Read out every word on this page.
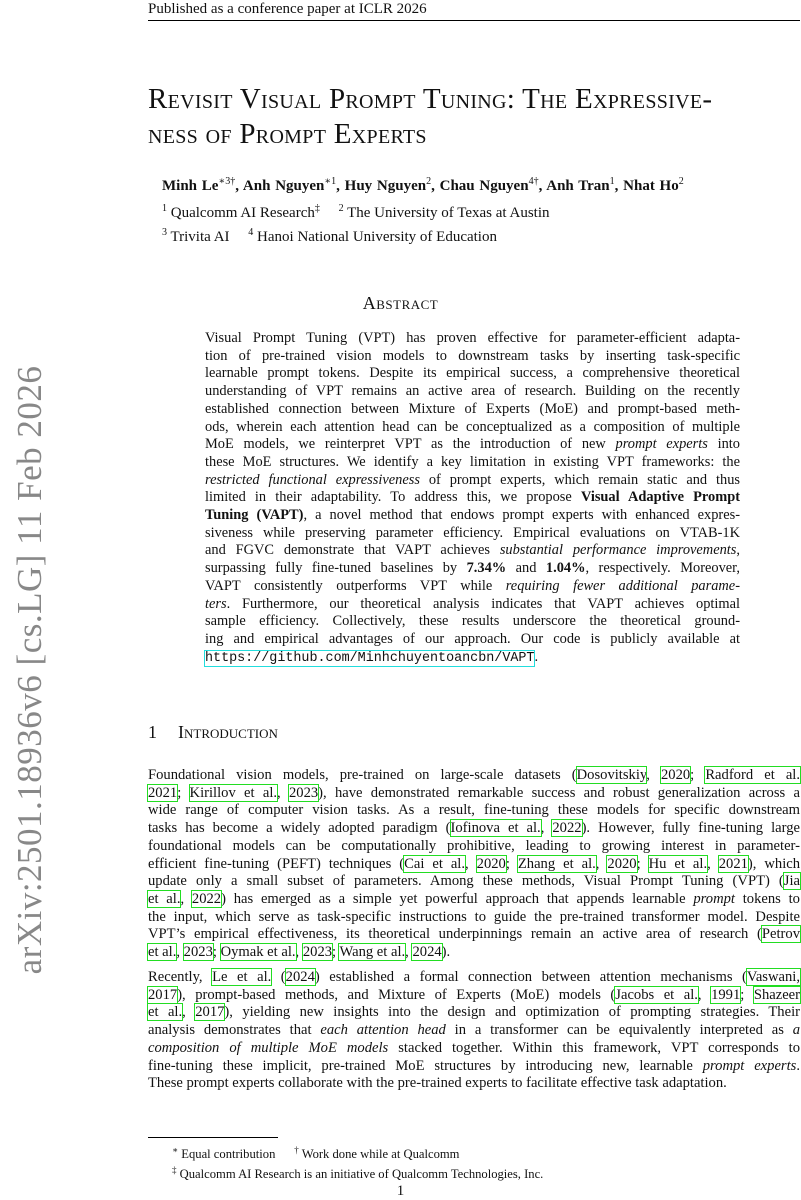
Published as a conference paper at ICLR 2026
arXiv:2501.18936v6 [cs.LG] 11 Feb 2026
Revisit Visual Prompt Tuning: The Expressive-
ness of Prompt Experts
Minh $Le^{∗3\dagger}$, Anh Nguyen$^{∗1}$, Huy Nguyen$^2$, Chau Nguyen$^{4\dagger}$, Anh Tran$^1$, Nhat Ho$^2$
$^1$ Qualcomm AI Research‡ $^2$ The University of Texas at Austin
$^3$ Trivita AI $^4$ Hanoi National University of Education
Abstract
Visual Prompt Tuning (VPT) has proven effective for parameter-efficient adapta-
tion of pre-trained vision models to downstream tasks by inserting task-specific
learnable prompt tokens. Despite its empirical success, a comprehensive theoretical
understanding of VPT remains an active area of research. Building on the recently
established connection between Mixture of Experts (MoE) and prompt-based meth-
ods, wherein each attention head can be conceptualized as a composition of multiple
MoE models, we reinterpret VPT as the introduction of new prompt experts into
these MoE structures. We identify a key limitation in existing VPT frameworks: the
restricted functional expressiveness of prompt experts, which remain static and thus
limited in their adaptability. To address this, we propose Visual Adaptive Prompt
Tuning (VAPT), a novel method that endows prompt experts with enhanced expres-
siveness while preserving parameter efficiency. Empirical evaluations on VTAB-1K
and FGVC demonstrate that VAPT achieves substantial performance improvements,
surpassing fully fine-tuned baselines by 7.34% and 1.04%, respectively. Moreover,
VAPT consistently outperforms VPT while requiring fewer additional parame-
ters. Furthermore, our theoretical analysis indicates that VAPT achieves optimal
sample efficiency. Collectively, these results underscore the theoretical ground-
ing and empirical advantages of our approach. Our code is publicly available at
https://github.com/Minhchuyentoancbn/VAPT.
1 Introduction
Foundational vision models, pre-trained on large-scale datasets (Dosovitskiy, 2020; Radford et al.
2021; Kirillov et al., 2023), have demonstrated remarkable success and robust generalization across a
wide range of computer vision tasks. As a result, fine-tuning these models for specific downstream
tasks has become a widely adopted paradigm (Iofinova et al., 2022). However, fully fine-tuning large
foundational models can be computationally prohibitive, leading to growing interest in parameter-
efficient fine-tuning (PEFT) techniques (Cai et al., 2020; Zhang et al., 2020; Hu et al., 2021), which
update only a small subset of parameters. Among these methods, Visual Prompt Tuning (VPT) (Jia
et al., 2022) has emerged as a simple yet powerful approach that appends learnable prompt tokens to
the input, which serve as task-specific instructions to guide the pre-trained transformer model. Despite
VPT’s empirical effectiveness, its theoretical underpinnings remain an active area of research (Petrov
et al., 2023; Oymak et al., 2023; Wang et al., 2024).
Recently, Le et al. (2024) established a formal connection between attention mechanisms (Vaswani,
2017), prompt-based methods, and Mixture of Experts (MoE) models (Jacobs et al., 1991; Shazeer
et al., 2017), yielding new insights into the design and optimization of prompting strategies. Their
analysis demonstrates that each attention head in a transformer can be equivalently interpreted as a
composition of multiple MoE models stacked together. Within this framework, VPT corresponds to
fine-tuning these implicit, pre-trained MoE structures by introducing new, learnable prompt experts.
These prompt experts collaborate with the pre-trained experts to facilitate effective task adaptation.
∗ Equal contribution † Work done while at Qualcomm
‡ Qualcomm AI Research is an initiative of Qualcomm Technologies, Inc.
1
